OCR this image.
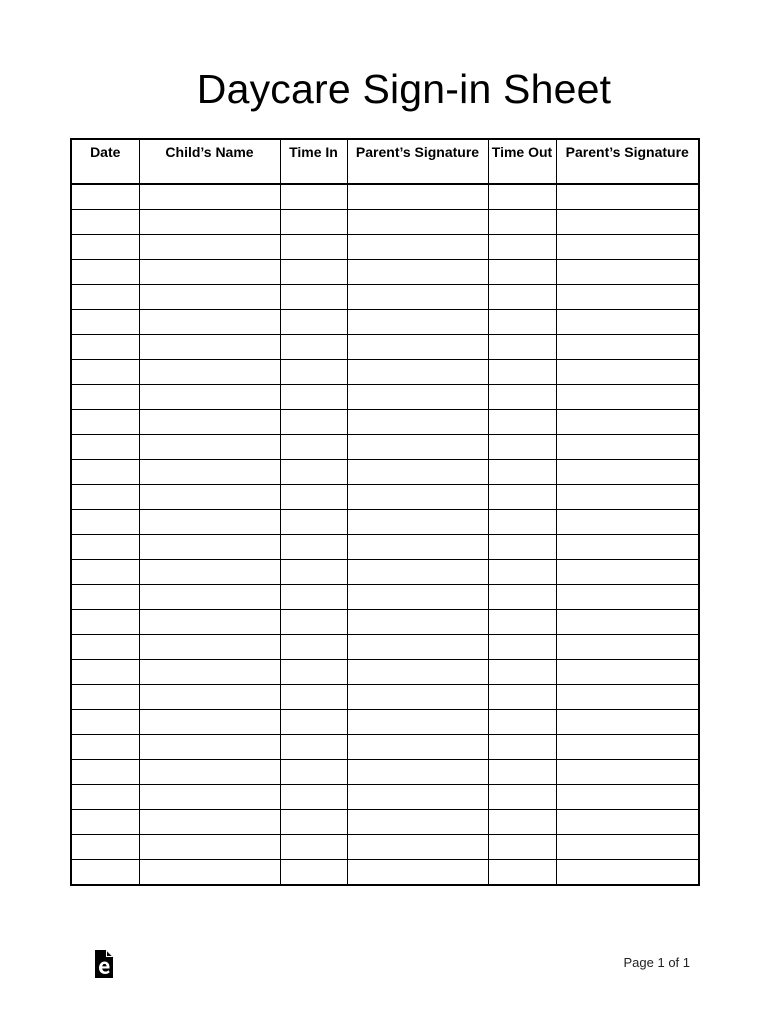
Daycare Sign-in Sheet
Date	Child’s Name	Time In	Parent’s Signature	Time Out	Parent’s Signature

Page 1 of 1
